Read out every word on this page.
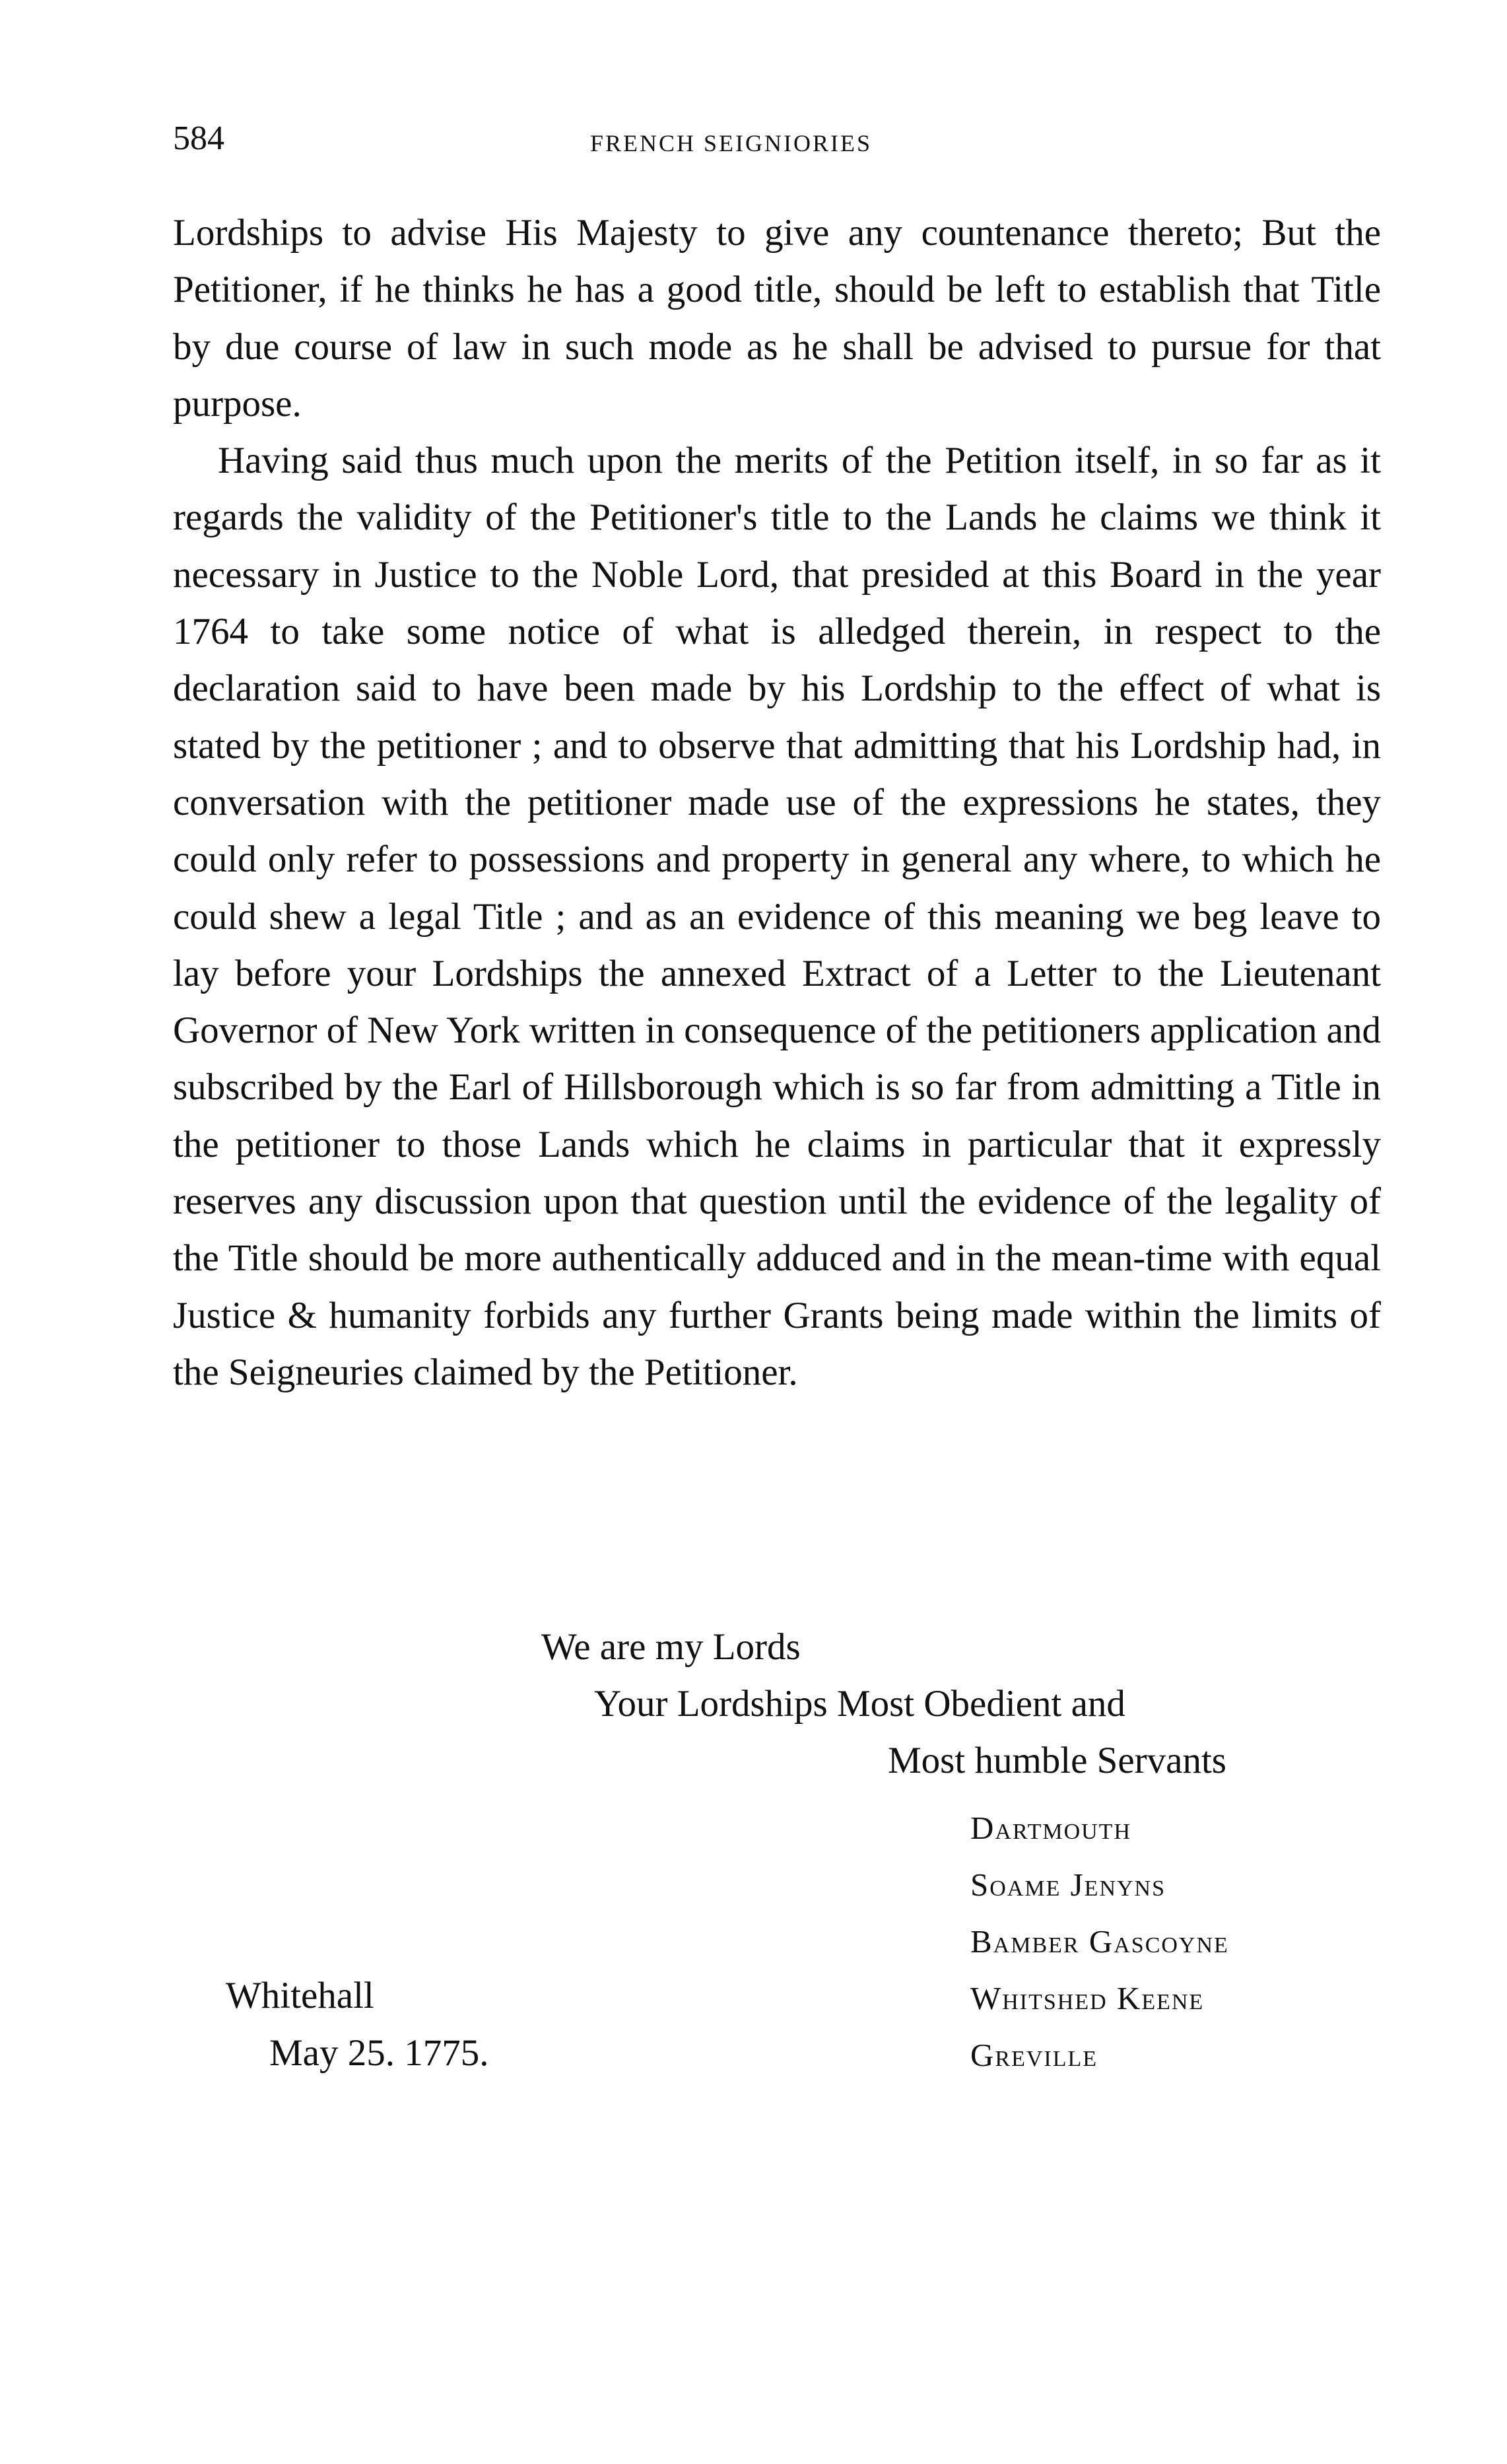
584	FRENCH SEIGNIORIES

Lordships to advise His Majesty to give any countenance thereto; But the Petitioner, if he thinks he has a good title, should be left to establish that Title by due course of law in such mode as he shall be advised to pursue for that purpose.

Having said thus much upon the merits of the Petition itself, in so far as it regards the validity of the Petitioner's title to the Lands he claims we think it necessary in Justice to the Noble Lord, that presided at this Board in the year 1764 to take some notice of what is alledged therein, in respect to the declaration said to have been made by his Lordship to the effect of what is stated by the petitioner ; and to observe that admitting that his Lordship had, in conversation with the petitioner made use of the expressions he states, they could only refer to possessions and property in general any where, to which he could shew a legal Title ; and as an evidence of this meaning we beg leave to lay before your Lordships the annexed Extract of a Letter to the Lieutenant Governor of New York written in consequence of the petitioners application and subscribed by the Earl of Hillsborough which is so far from admitting a Title in the petitioner to those Lands which he claims in particular that it expressly reserves any discussion upon that question until the evidence of the legality of the Title should be more authentically adduced and in the mean-time with equal Justice & humanity forbids any further Grants being made within the limits of the Seigneuries claimed by the Petitioner.

We are my Lords
Your Lordships Most Obedient and
Most humble Servants
Dartmouth
Soame Jenyns
Bamber Gascoyne
Whitshed Keene
Greville
Whitehall
May 25. 1775.
